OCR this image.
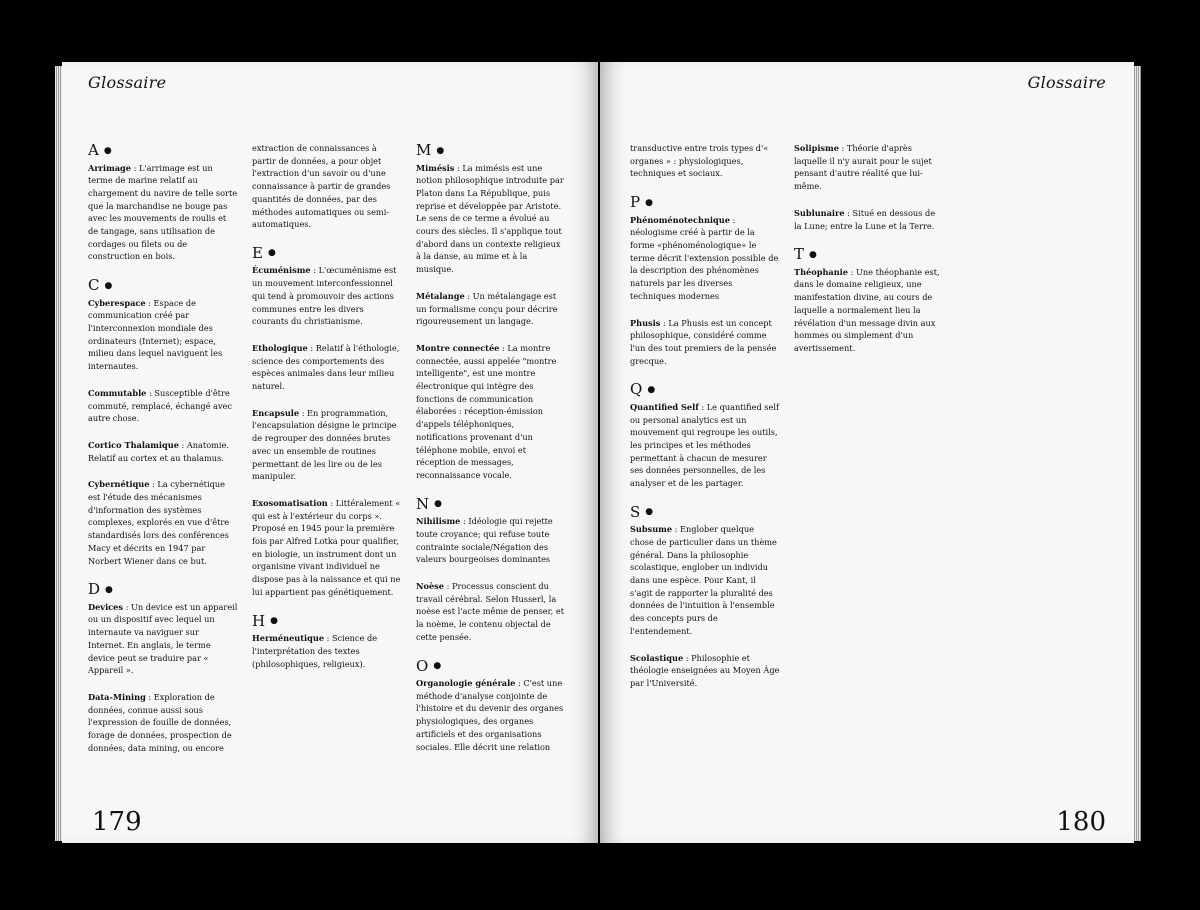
Glossaire
179
A ●

Arrimage : L'arrimage est un terme de marine relatif au chargement du navire de telle sorte que la marchandise ne bouge pas avec les mouvements de roulis et de tangage, sans utilisation de cordages ou filets ou de construction en bois.

C ●

Cyberespace : Espace de communication créé par l'interconnexion mondiale des ordinateurs (Internet); espace, milieu dans lequel naviguent les internautes.

Commutable : Susceptible d'être commuté, remplacé, échangé avec autre chose.

Cortico Thalamique : Anatomie. Relatif au cortex et au thalamus.

Cybernétique : La cybernétique est l'étude des mécanismes d'information des systèmes complexes, explorés en vue d'être standardisés lors des conférences Macy et décrits en 1947 par Norbert Wiener dans ce but.

D ●

Devices : Un device est un appareil ou un dispositif avec lequel un internaute va naviguer sur Internet. En anglais, le terme device peut se traduire par « Appareil ».

Data-Mining : Exploration de données, connue aussi sous l'expression de fouille de données, forage de données, prospection de données, data mining, ou encore

extraction de connaissances à partir de données, a pour objet l'extraction d'un savoir ou d'une connaissance à partir de grandes quantités de données, par des méthodes automatiques ou semi-automatiques.

E ●

Écuménisme : L'œcuménisme est un mouvement interconfessionnel qui tend à promouvoir des actions communes entre les divers courants du christianisme.

Ethologique : Relatif à l'éthologie, science des comportements des espèces animales dans leur milieu naturel.

Encapsule : En programmation, l'encapsulation désigne le principe de regrouper des données brutes avec un ensemble de routines permettant de les lire ou de les manipuler.

Exosomatisation : Littéralement « qui est à l'extérieur du corps ». Proposé en 1945 pour la première fois par Alfred Lotka pour qualifier, en biologie, un instrument dont un organisme vivant individuel ne dispose pas à la naissance et qui ne lui appartient pas génétiquement.

H ●

Herméneutique : Science de l'interprétation des textes (philosophiques, religieux).

M ●

Mimésis : La mimésis est une notion philosophique introduite par Platon dans La République, puis reprise et développée par Aristote. Le sens de ce terme a évolué au cours des siècles. Il s'applique tout d'abord dans un contexte religieux à la danse, au mime et à la musique.

Métalange : Un métalangage est un formalisme conçu pour décrire rigoureusement un langage.

Montre connectée : La montre connectée, aussi appelée "montre intelligente", est une montre électronique qui intègre des fonctions de communication élaborées : réception-émission d'appels téléphoniques, notifications provenant d'un téléphone mobile, envoi et réception de messages, reconnaissance vocale.

N ●

Nihilisme : Idéologie qui rejette toute croyance; qui refuse toute contrainte sociale/Négation des valeurs bourgeoises dominantes

Noèse : Processus conscient du travail cérébral. Selon Husserl, la noèse est l'acte même de penser, et la noème, le contenu objectal de cette pensée.

O ●

Organologie générale : C'est une méthode d'analyse conjointe de l'histoire et du devenir des organes physiologiques, des organes artificiels et des organisations sociales. Elle décrit une relation

Glossaire
180

transductive entre trois types d'« organes » : physiologiques, techniques et sociaux.

P ●

Phénoménotechnique : néologisme créé à partir de la forme «phénoménologique» le terme décrit l'extension possible de la description des phénomènes naturels par les diverses techniques modernes

Phusis : La Phusis est un concept philosophique, considéré comme l'un des tout premiers de la pensée grecque.

Q ●

Quantified Self : Le quantified self ou personal analytics est un mouvement qui regroupe les outils, les principes et les méthodes permettant à chacun de mesurer ses données personnelles, de les analyser et de les partager.

S ●

Subsume : Englober quelque chose de particulier dans un thème général. Dans la philosophie scolastique, englober un individu dans une espèce. Pour Kant, il s'agit de rapporter la pluralité des données de l'intuition à l'ensemble des concepts purs de l'entendement.

Scolastique : Philosophie et théologie enseignées au Moyen Âge par l'Université.

Solipisme : Théorie d'après laquelle il n'y aurait pour le sujet pensant d'autre réalité que lui-même.

Sublunaire : Situé en dessous de la Lune; entre la Lune et la Terre.

T ●

Théophanie : Une théophanie est, dans le domaine religieux, une manifestation divine, au cours de laquelle a normalement lieu la révélation d'un message divin aux hommes ou simplement d'un avertissement.
